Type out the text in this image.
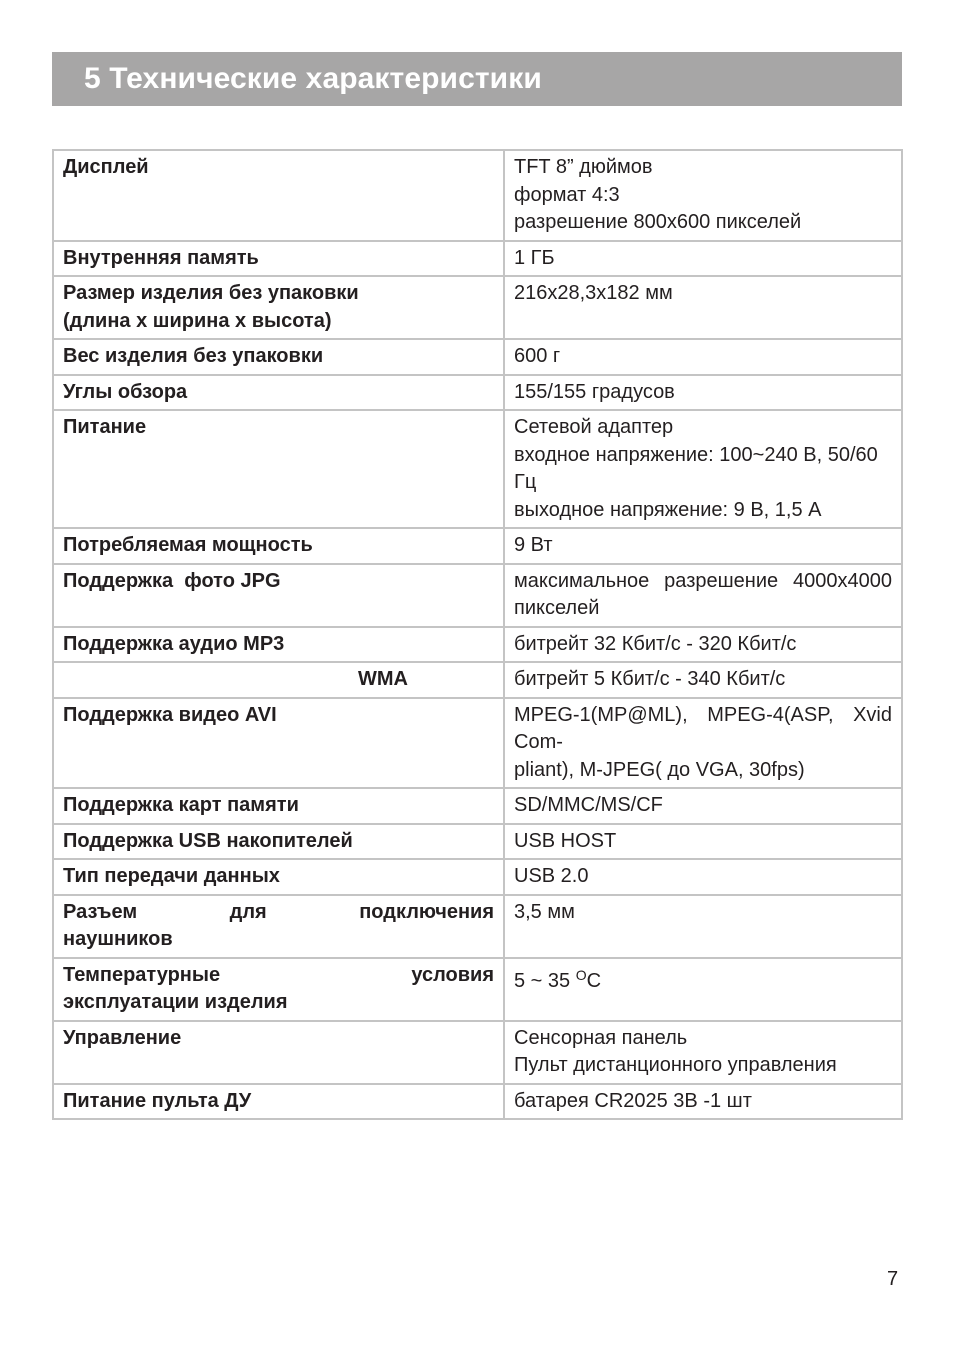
5 Технические характеристики
Дисплей	TFT 8” дюймов
формат 4:3
разрешение 800x600 пикселей

Внутренняя память	1 ГБ

Размер изделия без упаковки
(длина х ширина х высота)	216x28,3x182 мм

Вес изделия без упаковки	600 г

Углы обзора	155/155 градусов

Питание	Сетевой адаптер
входное напряжение: 100~240 В, 50/60 Гц
выходное напряжение: 9 В, 1,5 А

Потребляемая мощность	9 Вт

Поддержка  фото JPG	максимальное разрешение 4000x4000
пикселей

Поддержка аудио MP3	битрейт 32 Кбит/с - 320 Кбит/с

WMA	битрейт 5 Кбит/с - 340 Кбит/с

Поддержка видео AVI	MPEG-1(MP@ML), MPEG-4(ASP, Xvid Com-
pliant), M-JPEG( до VGA, 30fps)

Поддержка карт памяти	SD/MMC/MS/CF

Поддержка USB накопителей	USB HOST

Тип передачи данных	USB 2.0

Разъем для подключения
наушников	3,5 мм

Температурные условия
эксплуатации изделия	5 ~ 35 $^O$C

Управление	Сенсорная панель
Пульт дистанционного управления

Питание пульта ДУ	батарея CR2025 3В -1 шт
7
